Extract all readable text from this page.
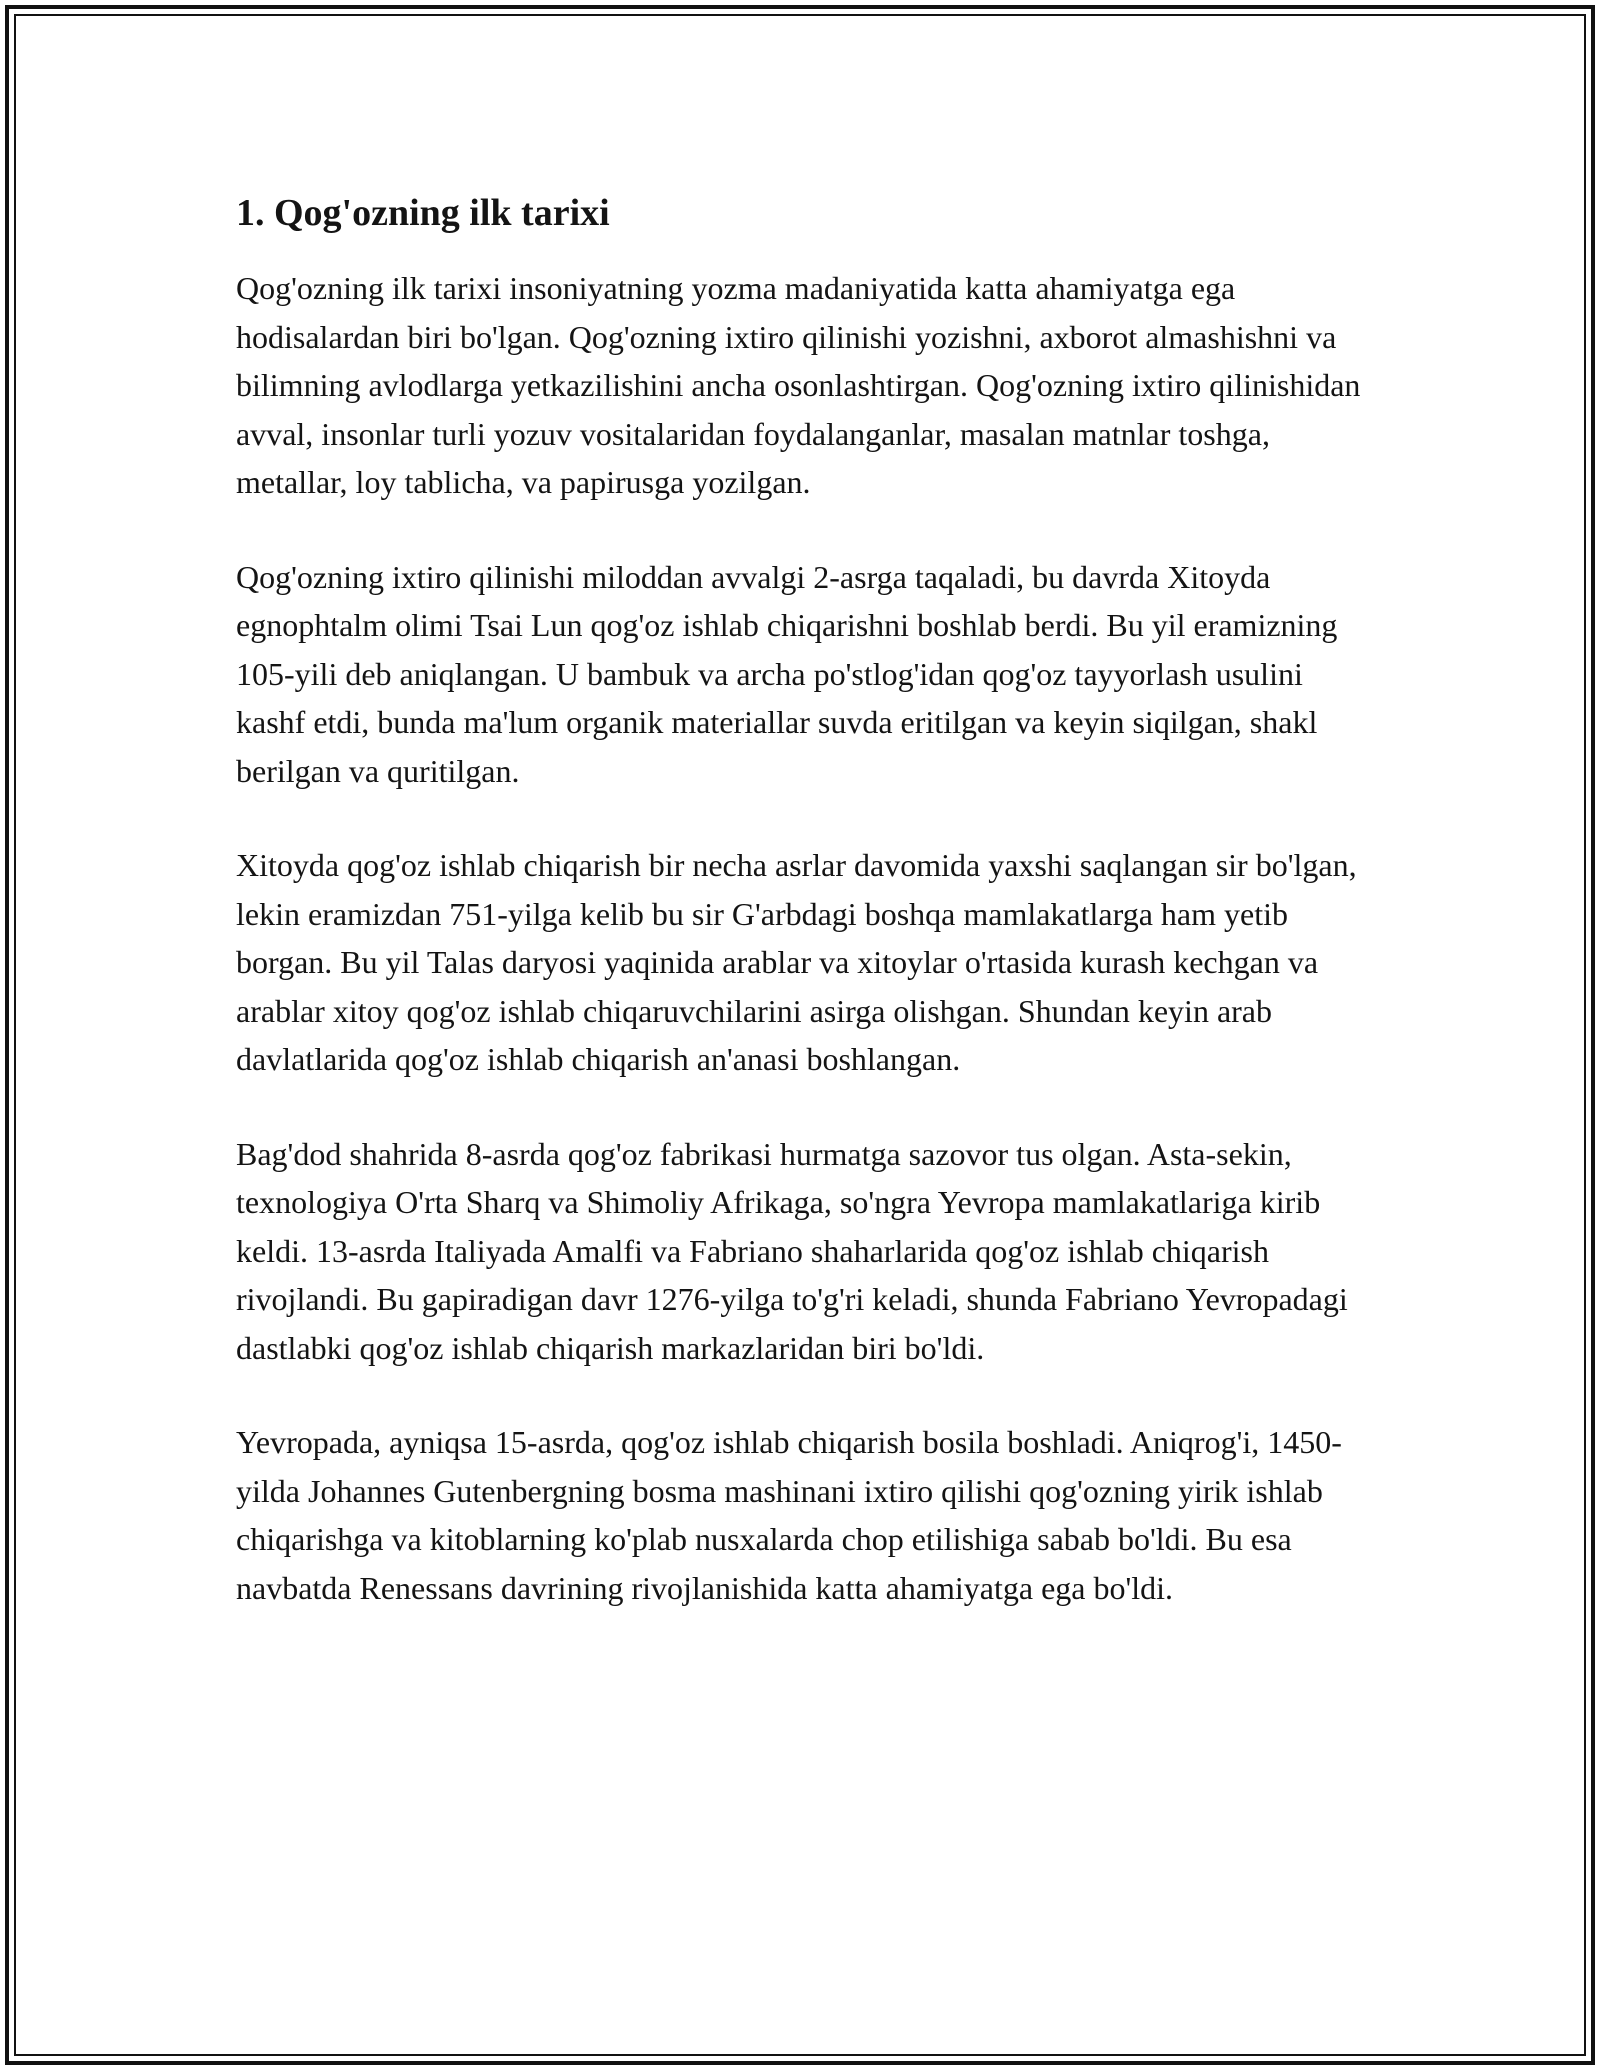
1. Qog'ozning ilk tarixi

Qog'ozning ilk tarixi insoniyatning yozma madaniyatida katta ahamiyatga ega hodisalardan biri bo'lgan. Qog'ozning ixtiro qilinishi yozishni, axborot almashishni va bilimning avlodlarga yetkazilishini ancha osonlashtirgan. Qog'ozning ixtiro qilinishidan avval, insonlar turli yozuv vositalaridan foydalanganlar, masalan matnlar toshga, metallar, loy tablicha, va papirusga yozilgan.

Qog'ozning ixtiro qilinishi miloddan avvalgi 2-asrga taqaladi, bu davrda Xitoyda egnophtalm olimi Tsai Lun qog'oz ishlab chiqarishni boshlab berdi. Bu yil eramizning 105-yili deb aniqlangan. U bambuk va archa po'stlog'idan qog'oz tayyorlash usulini kashf etdi, bunda ma'lum organik materiallar suvda eritilgan va keyin siqilgan, shakl berilgan va quritilgan.

Xitoyda qog'oz ishlab chiqarish bir necha asrlar davomida yaxshi saqlangan sir bo'lgan, lekin eramizdan 751-yilga kelib bu sir G'arbdagi boshqa mamlakatlarga ham yetib borgan. Bu yil Talas daryosi yaqinida arablar va xitoylar o'rtasida kurash kechgan va arablar xitoy qog'oz ishlab chiqaruvchilarini asirga olishgan. Shundan keyin arab davlatlarida qog'oz ishlab chiqarish an'anasi boshlangan.

Bag'dod shahrida 8-asrda qog'oz fabrikasi hurmatga sazovor tus olgan. Asta-sekin, texnologiya O'rta Sharq va Shimoliy Afrikaga, so'ngra Yevropa mamlakatlariga kirib keldi. 13-asrda Italiyada Amalfi va Fabriano shaharlarida qog'oz ishlab chiqarish rivojlandi. Bu gapiradigan davr 1276-yilga to'g'ri keladi, shunda Fabriano Yevropadagi dastlabki qog'oz ishlab chiqarish markazlaridan biri bo'ldi.

Yevropada, ayniqsa 15-asrda, qog'oz ishlab chiqarish bosila boshladi. Aniqrog'i, 1450-yilda Johannes Gutenbergning bosma mashinani ixtiro qilishi qog'ozning yirik ishlab chiqarishga va kitoblarning ko'plab nusxalarda chop etilishiga sabab bo'ldi. Bu esa navbatda Renessans davrining rivojlanishida katta ahamiyatga ega bo'ldi.
